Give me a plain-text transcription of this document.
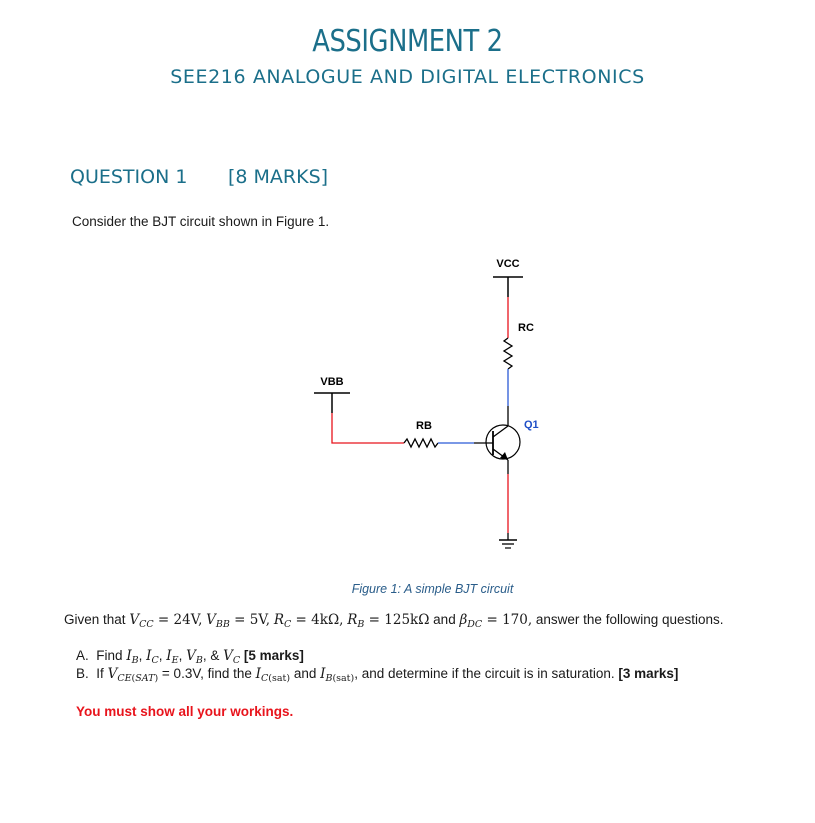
ASSIGNMENT 2
SEE216 ANALOGUE AND DIGITAL ELECTRONICS
QUESTION 1 [8 MARKS]
Consider the BJT circuit shown in Figure 1.
VCC
RC
VBB
RB	Q1
Figure 1: A simple BJT circuit
Given that $V_{CC} = 24V$, $V_{BB} = 5V$, $R_C = 4k\Omega$, $R_B = 125k\Omega$ and $\beta_{DC} = 170$, answer the following questions.
A. Find $I_B$, $I_C$, $I_E$, $V_B$, & $V_C$ [5 marks]
B. If $V_{CE(SAT)} = 0.3V$, find the $I_{C(sat)}$ and $I_{B(sat)}$, and determine if the circuit is in saturation. [3 marks]
You must show all your workings.
